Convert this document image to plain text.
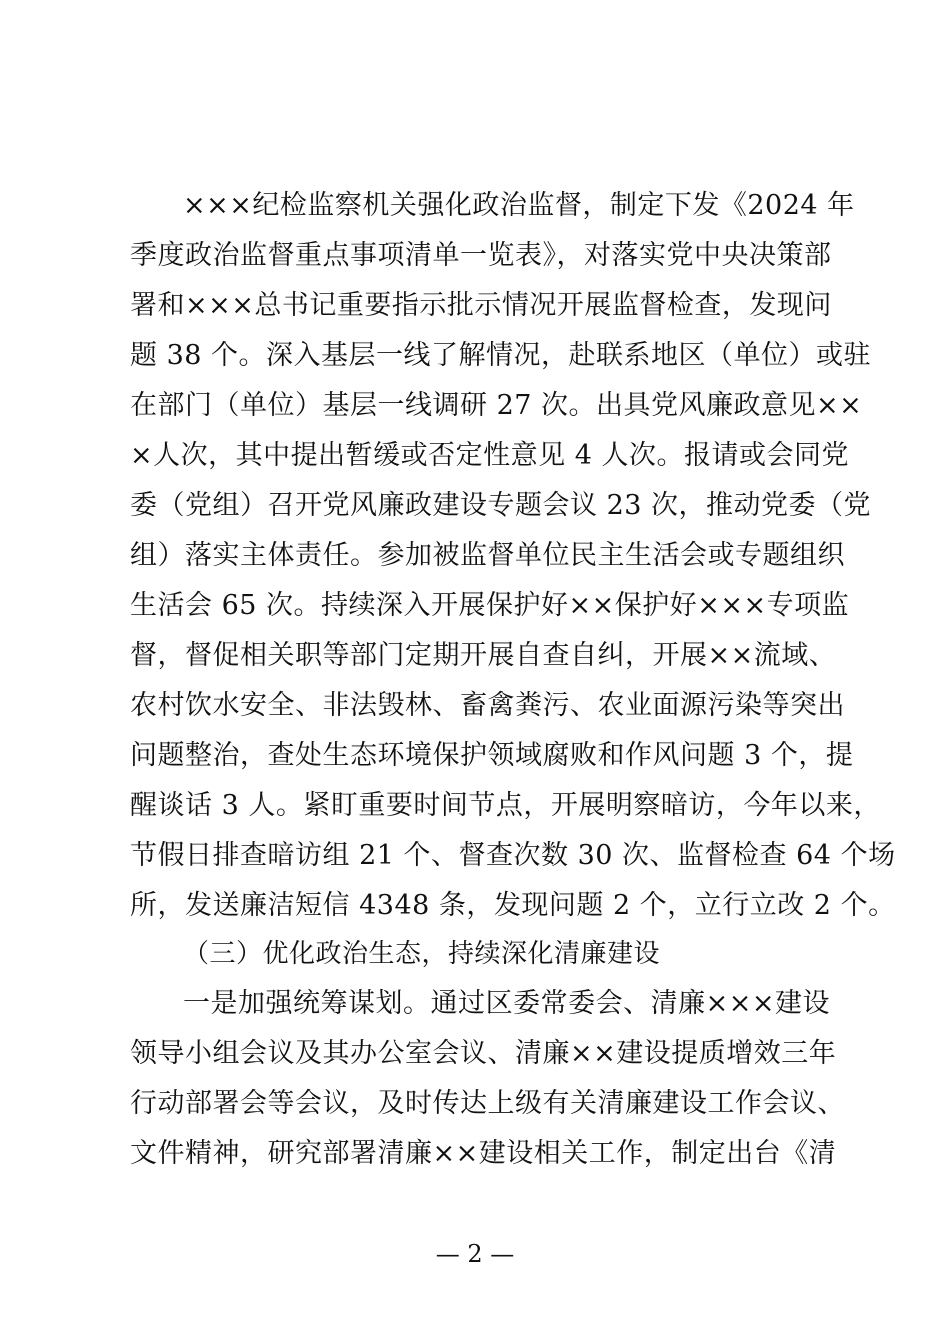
×××纪检监察机关强化政治监督，制定下发《2024 年
季度政治监督重点事项清单一览表》，对落实党中央决策部
署和×××总书记重要指示批示情况开展监督检查，发现问
题 38 个。深入基层一线了解情况，赴联系地区（单位）或驻
在部门（单位）基层一线调研 27 次。出具党风廉政意见××
×人次，其中提出暂缓或否定性意见 4 人次。报请或会同党
委（党组）召开党风廉政建设专题会议 23 次，推动党委（党
组）落实主体责任。参加被监督单位民主生活会或专题组织
生活会 65 次。持续深入开展保护好××保护好×××专项监
督，督促相关职等部门定期开展自查自纠，开展××流域、
农村饮水安全、非法毁林、畜禽粪污、农业面源污染等突出
问题整治，查处生态环境保护领域腐败和作风问题 3 个，提
醒谈话 3 人。紧盯重要时间节点，开展明察暗访，今年以来，
节假日排查暗访组 21 个、督查次数 30 次、监督检查 64 个场
所，发送廉洁短信 4348 条，发现问题 2 个，立行立改 2 个。
（三）优化政治生态，持续深化清廉建设
一是加强统筹谋划。通过区委常委会、清廉×××建设
领导小组会议及其办公室会议、清廉××建设提质增效三年
行动部署会等会议，及时传达上级有关清廉建设工作会议、
文件精神，研究部署清廉××建设相关工作，制定出台《清
— 2 —
